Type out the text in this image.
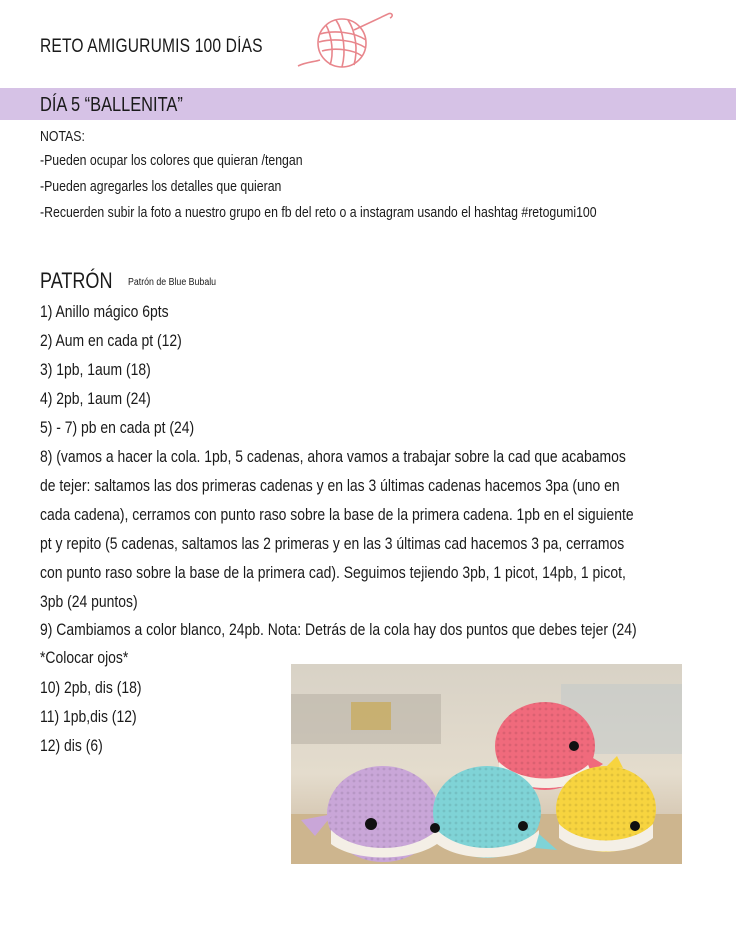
RETO AMIGURUMIS 100 DÍAS
DÍA 5 “BALLENITA”
NOTAS:
-Pueden ocupar los colores que quieran /tengan
-Pueden agregarles los detalles que quieran
-Recuerden subir la foto a nuestro grupo en fb del reto o a instagram usando el hashtag #retogumi100
PATRÓN Patrón de Blue Bubalu
1) Anillo mágico 6pts
2) Aum en cada pt (12)
3) 1pb, 1aum (18)
4) 2pb, 1aum (24)
5) - 7) pb en cada pt (24)
8) (vamos a hacer la cola. 1pb, 5 cadenas, ahora vamos a trabajar sobre la cad que acabamos
de tejer: saltamos las dos primeras cadenas y en las 3 últimas cadenas hacemos 3pa (uno en
cada cadena), cerramos con punto raso sobre la base de la primera cadena. 1pb en el siguiente
pt y repito (5 cadenas, saltamos las 2 primeras y en las 3 últimas cad hacemos 3 pa, cerramos
con punto raso sobre la base de la primera cad). Seguimos tejiendo 3pb, 1 picot, 14pb, 1 picot,
3pb (24 puntos)
9) Cambiamos a color blanco, 24pb. Nota: Detrás de la cola hay dos puntos que debes tejer (24)
*Colocar ojos*
10) 2pb, dis (18)
11) 1pb,dis (12)
12) dis (6)
